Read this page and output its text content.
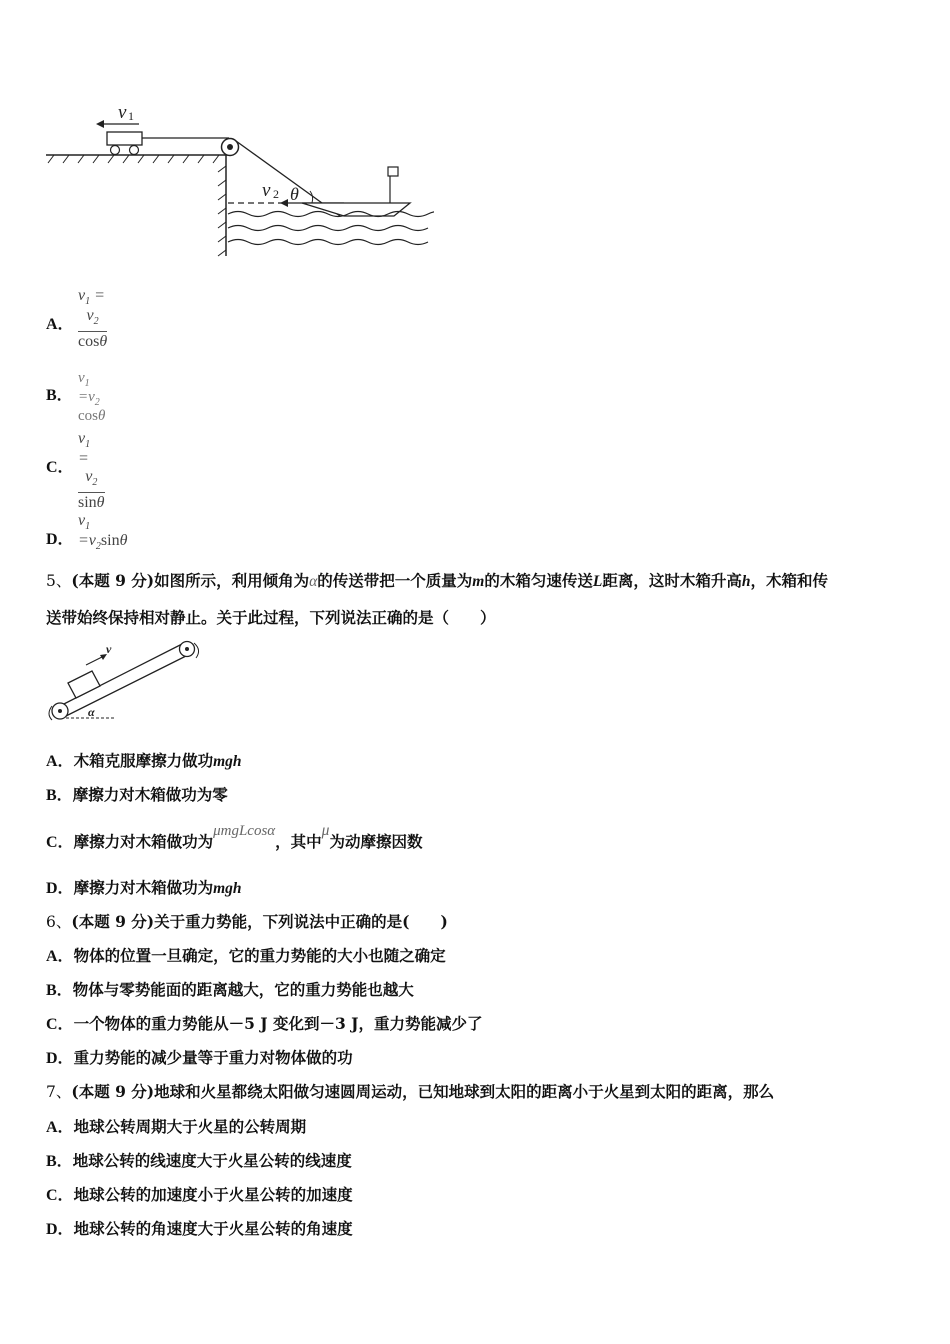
v 1
v 2 θ
A．
$v_1$ =
$\frac{v_2}{\cos\theta}$
B．
$v_1 =v_2$ cosθ
C．
$v_1$ =
$\frac{v_2}{\sin\theta}$
D．
$v_1 =v_2\sin\theta$
5、(本题 9 分)如图所示，利用倾角为α的传送带把一个质量为m的木箱匀速传送L距离，这时木箱升高h，木箱和传
送带始终保持相对静止。关于此过程，下列说法正确的是（　　）
v
α
A．木箱克服摩擦力做功mgh
B．摩擦力对木箱做功为零
C．摩擦力对木箱做功为μmgLcosα，其中μ为动摩擦因数
D．摩擦力对木箱做功为mgh
6、(本题 9 分)关于重力势能，下列说法中正确的是(　　)
A．物体的位置一旦确定，它的重力势能的大小也随之确定
B．物体与零势能面的距离越大，它的重力势能也越大
C．一个物体的重力势能从－5 J 变化到－3 J，重力势能减少了
D．重力势能的减少量等于重力对物体做的功
7、(本题 9 分)地球和火星都绕太阳做匀速圆周运动，已知地球到太阳的距离小于火星到太阳的距离，那么
A．地球公转周期大于火星的公转周期
B．地球公转的线速度大于火星公转的线速度
C．地球公转的加速度小于火星公转的加速度
D．地球公转的角速度大于火星公转的角速度
